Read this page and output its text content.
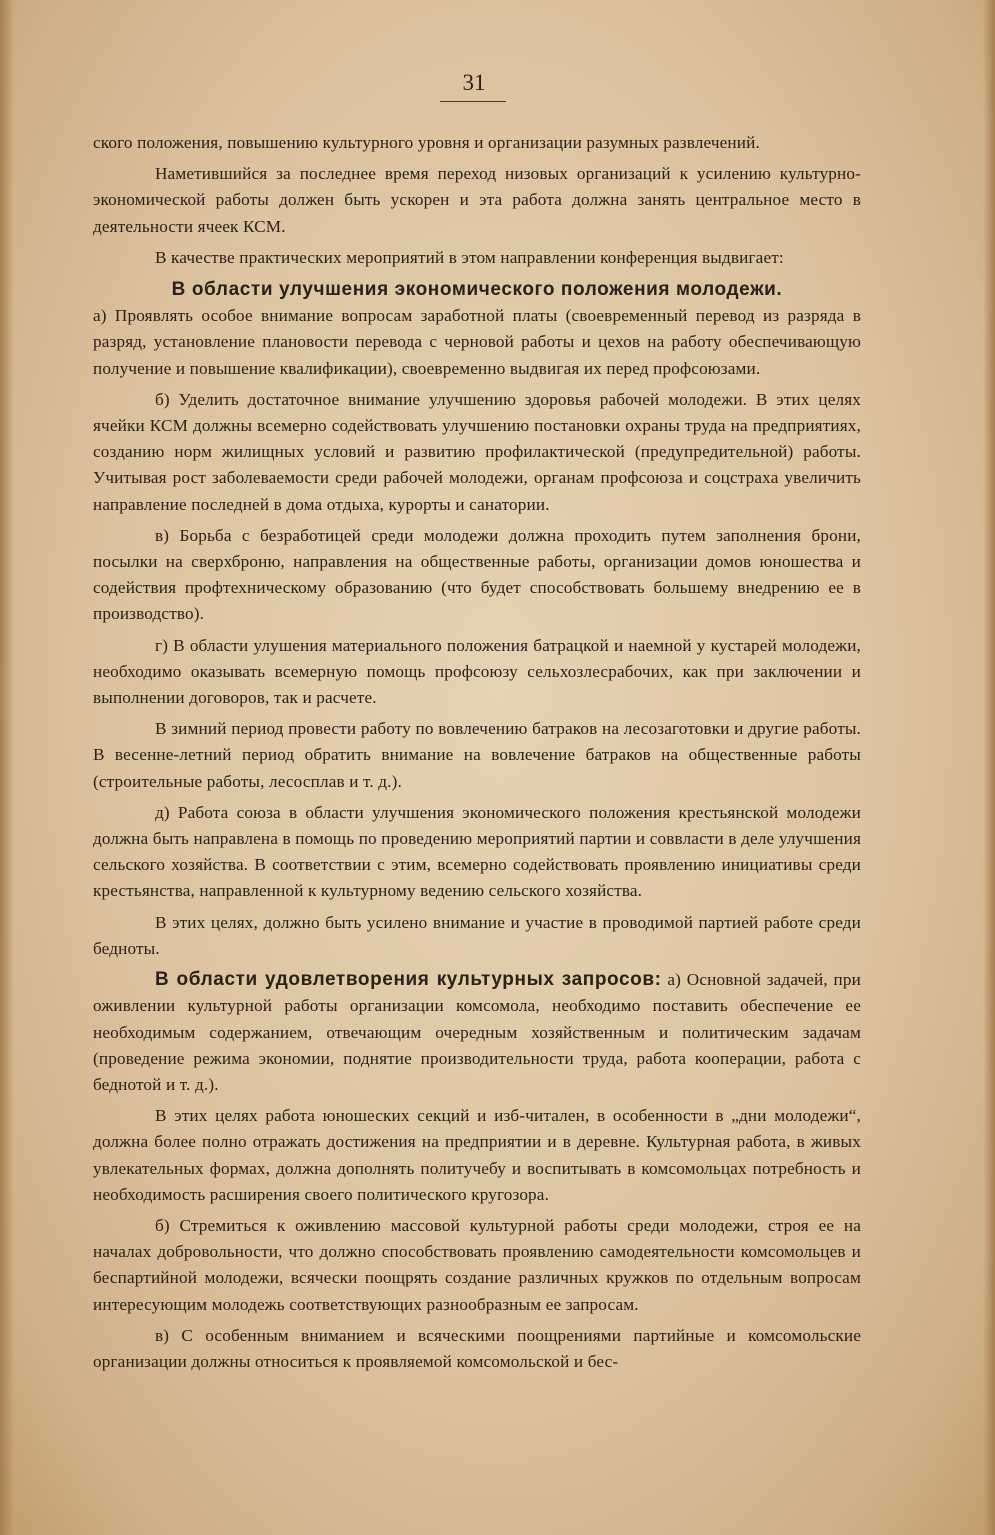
31

ского положения, повышению культурного уровня и организации разумных развлечений.

Наметившийся за последнее время переход низовых организаций к усилению культурно-экономической работы должен быть ускорен и эта работа должна занять центральное место в деятельности ячеек КСМ.

В качестве практических мероприятий в этом направлении конференция выдвигает:

В области улучшения экономического положения молодежи.

а) Проявлять особое внимание вопросам заработной платы (своевременный перевод из разряда в разряд, установление плановости перевода с черновой работы и цехов на работу обеспечивающую получение и повышение квалификации), своевременно выдвигая их перед профсоюзами.

б) Уделить достаточное внимание улучшению здоровья рабочей молодежи. В этих целях ячейки КСМ должны всемерно содействовать улучшению постановки охраны труда на предприятиях, созданию норм жилищных условий и развитию профилактической (предупредительной) работы. Учитывая рост заболеваемости среди рабочей молодежи, органам профсоюза и соцстраха увеличить направление последней в дома отдыха, курорты и санатории.

в) Борьба с безработицей среди молодежи должна проходить путем заполнения брони, посылки на сверхброню, направления на общественные работы, организации домов юношества и содействия профтехническому образованию (что будет способствовать большему внедрению ее в производство).

г) В области улушения материального положения батрацкой и наемной у кустарей молодежи, необходимо оказывать всемерную помощь профсоюзу сельхозлесрабочих, как при заключении и выполнении договоров, так и расчете.

В зимний период провести работу по вовлечению батраков на лесозаготовки и другие работы. В весенне-летний период обратить внимание на вовлечение батраков на общественные работы (строительные работы, лесосплав и т. д.).

д) Работа союза в области улучшения экономического положения крестьянской молодежи должна быть направлена в помощь по проведению мероприятий партии и соввласти в деле улучшения сельского хозяйства. В соответствии с этим, всемерно содействовать проявлению инициативы среди крестьянства, направленной к культурному ведению сельского хозяйства.

В этих целях, должно быть усилено внимание и участие в проводимой партией работе среди бедноты.

В области удовлетворения культурных запросов: а) Основной задачей, при оживлении культурной работы организации комсомола, необходимо поставить обеспечение ее необходимым содержанием, отвечающим очередным хозяйственным и политическим задачам (проведение режима экономии, поднятие производительности труда, работа кооперации, работа с беднотой и т. д.).

В этих целях работа юношеских секций и изб-читален, в особенности в „дни молодежи“, должна более полно отражать достижения на предприятии и в деревне. Культурная работа, в живых увлекательных формах, должна дополнять политучебу и воспитывать в комсомольцах потребность и необходимость расширения своего политического кругозора.

б) Стремиться к оживлению массовой культурной работы среди молодежи, строя ее на началах добровольности, что должно способствовать проявлению самодеятельности комсомольцев и беспартийной молодежи, всячески поощрять создание различных кружков по отдельным вопросам интересующим молодежь соответствующих разнообразным ее запросам.

в) С особенным вниманием и всяческими поощрениями партийные и комсомольские организации должны относиться к проявляемой комсомольской и бес-
